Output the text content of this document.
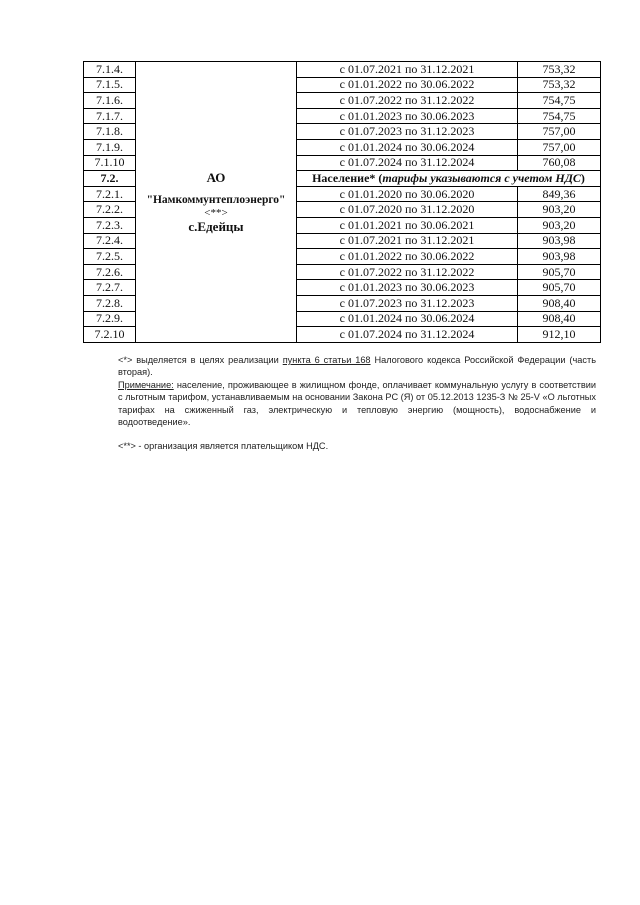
7.1.4.	АО
"Намкоммунтеплоэнерго"
<**>
с.Едейцы	с 01.07.2021 по 31.12.2021	753,32
7.1.5.		с 01.01.2022 по 30.06.2022	753,32
7.1.6.		с 01.07.2022 по 31.12.2022	754,75
7.1.7.		с 01.01.2023 по 30.06.2023	754,75
7.1.8.		с 01.07.2023 по 31.12.2023	757,00
7.1.9.		с 01.01.2024 по 30.06.2024	757,00
7.1.10		с 01.07.2024 по 31.12.2024	760,08
7.2.		Население* (тарифы указываются с учетом НДС)	
7.2.1.		с 01.01.2020 по 30.06.2020	849,36
7.2.2.		с 01.07.2020 по 31.12.2020	903,20
7.2.3.		с 01.01.2021 по 30.06.2021	903,20
7.2.4.		с 01.07.2021 по 31.12.2021	903,98
7.2.5.		с 01.01.2022 по 30.06.2022	903,98
7.2.6.		с 01.07.2022 по 31.12.2022	905,70
7.2.7.		с 01.01.2023 по 30.06.2023	905,70
7.2.8.		с 01.07.2023 по 31.12.2023	908,40
7.2.9.		с 01.01.2024 по 30.06.2024	908,40
7.2.10		с 01.07.2024 по 31.12.2024	912,10

<*> выделяется в целях реализации пункта 6 статьи 168 Налогового кодекса Российской Федерации (часть вторая).

Примечание: население, проживающее в жилищном фонде, оплачивает коммунальную услугу в соответствии с льготным тарифом, устанавливаемым на основании Закона РС (Я) от 05.12.2013 1235-З № 25-V «О льготных тарифах на сжиженный газ, электрическую и тепловую энергию (мощность), водоснабжение и водоотведение».

<**> - организация является плательщиком НДС.
